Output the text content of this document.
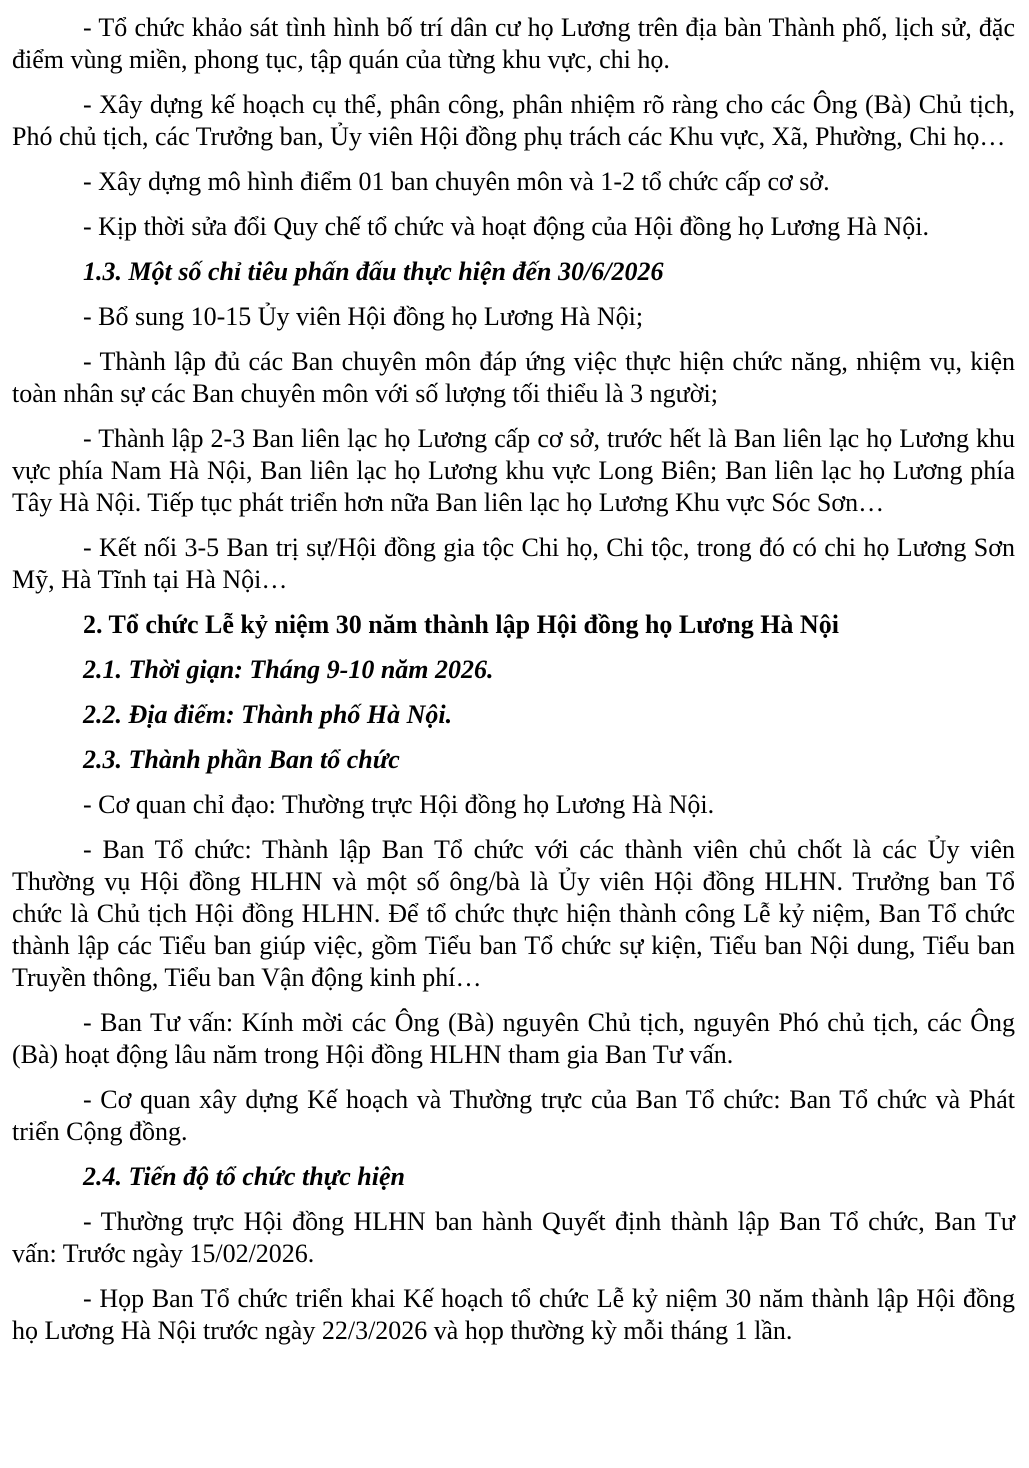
- Tổ chức khảo sát tình hình bố trí dân cư họ Lương trên địa bàn Thành phố, lịch sử, đặc điểm vùng miền, phong tục, tập quán của từng khu vực, chi họ.

- Xây dựng kế hoạch cụ thể, phân công, phân nhiệm rõ ràng cho các Ông (Bà) Chủ tịch, Phó chủ tịch, các Trưởng ban, Ủy viên Hội đồng phụ trách các Khu vực, Xã, Phường, Chi họ…

- Xây dựng mô hình điểm 01 ban chuyên môn và 1-2 tổ chức cấp cơ sở.

- Kịp thời sửa đổi Quy chế tổ chức và hoạt động của Hội đồng họ Lương Hà Nội.

1.3. Một số chỉ tiêu phấn đấu thực hiện đến 30/6/2026

- Bổ sung 10-15 Ủy viên Hội đồng họ Lương Hà Nội;

- Thành lập đủ các Ban chuyên môn đáp ứng việc thực hiện chức năng, nhiệm vụ, kiện toàn nhân sự các Ban chuyên môn với số lượng tối thiểu là 3 người;

- Thành lập 2-3 Ban liên lạc họ Lương cấp cơ sở, trước hết là Ban liên lạc họ Lương khu vực phía Nam Hà Nội, Ban liên lạc họ Lương khu vực Long Biên; Ban liên lạc họ Lương phía Tây Hà Nội. Tiếp tục phát triển hơn nữa Ban liên lạc họ Lương Khu vực Sóc Sơn…

- Kết nối 3-5 Ban trị sự/Hội đồng gia tộc Chi họ, Chi tộc, trong đó có chi họ Lương Sơn Mỹ, Hà Tĩnh tại Hà Nội…

2. Tổ chức Lễ kỷ niệm 30 năm thành lập Hội đồng họ Lương Hà Nội

2.1. Thời giạn: Tháng 9-10 năm 2026.

2.2. Địa điểm: Thành phố Hà Nội.

2.3. Thành phần Ban tổ chức

- Cơ quan chỉ đạo: Thường trực Hội đồng họ Lương Hà Nội.

- Ban Tổ chức: Thành lập Ban Tổ chức với các thành viên chủ chốt là các Ủy viên Thường vụ Hội đồng HLHN và một số ông/bà là Ủy viên Hội đồng HLHN. Trưởng ban Tổ chức là Chủ tịch Hội đồng HLHN. Để tổ chức thực hiện thành công Lễ kỷ niệm, Ban Tổ chức thành lập các Tiểu ban giúp việc, gồm Tiểu ban Tổ chức sự kiện, Tiểu ban Nội dung, Tiểu ban Truyền thông, Tiểu ban Vận động kinh phí…

- Ban Tư vấn: Kính mời các Ông (Bà) nguyên Chủ tịch, nguyên Phó chủ tịch, các Ông (Bà) hoạt động lâu năm trong Hội đồng HLHN tham gia Ban Tư vấn.

- Cơ quan xây dựng Kế hoạch và Thường trực của Ban Tổ chức: Ban Tổ chức và Phát triển Cộng đồng.

2.4. Tiến độ tổ chức thực hiện

- Thường trực Hội đồng HLHN ban hành Quyết định thành lập Ban Tổ chức, Ban Tư vấn: Trước ngày 15/02/2026.

- Họp Ban Tổ chức triển khai Kế hoạch tổ chức Lễ kỷ niệm 30 năm thành lập Hội đồng họ Lương Hà Nội trước ngày 22/3/2026 và họp thường kỳ mỗi tháng 1 lần.
